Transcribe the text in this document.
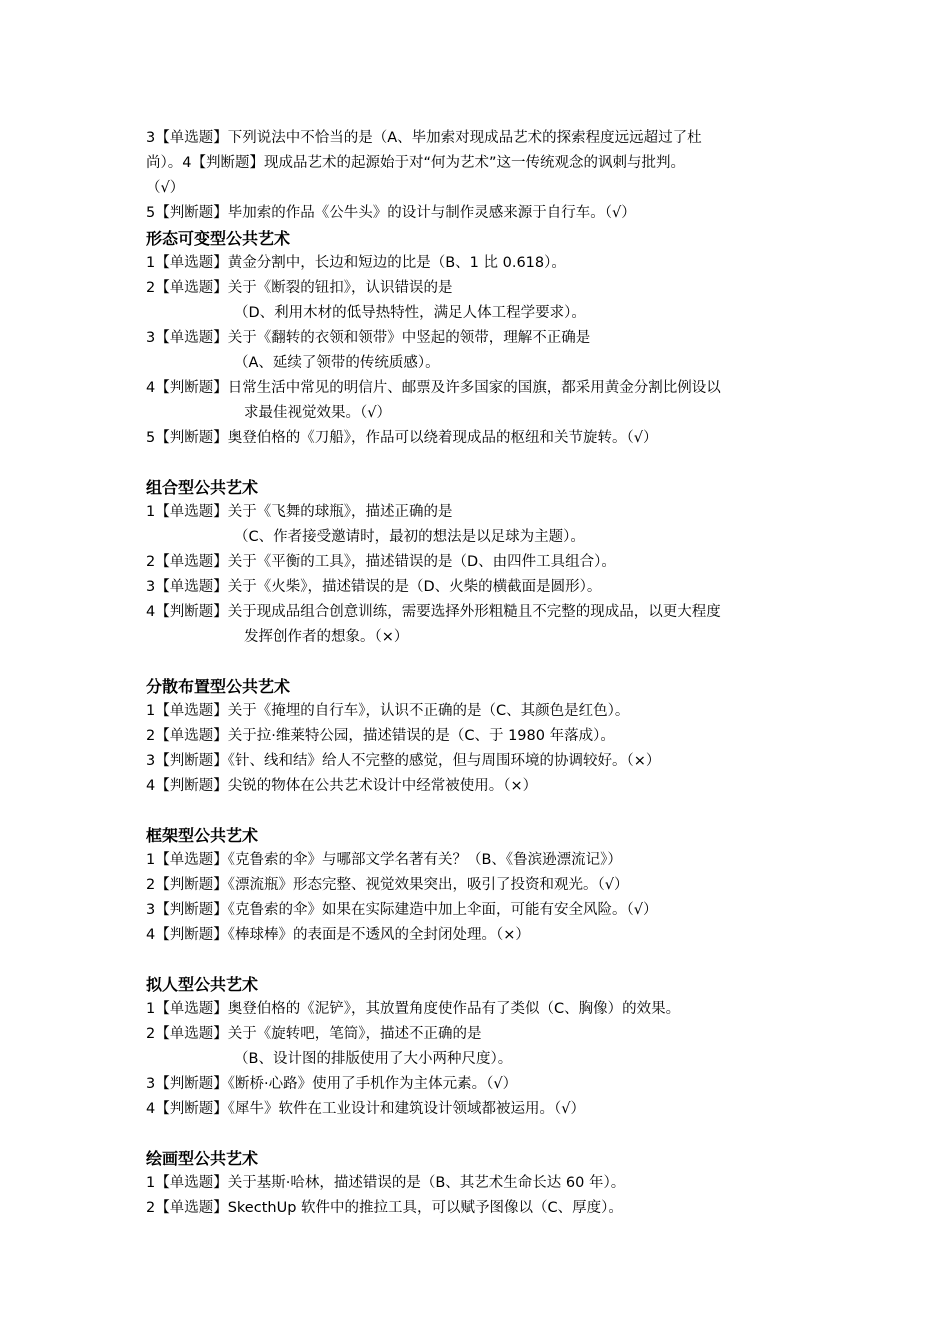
3【单选题】下列说法中不恰当的是（A、毕加索对现成品艺术的探索程度远远超过了杜

尚）。4【判断题】现成品艺术的起源始于对“何为艺术”这一传统观念的讽刺与批判。

（√）

5【判断题】毕加索的作品《公牛头》的设计与制作灵感来源于自行车。（√）

形态可变型公共艺术

1【单选题】黄金分割中，长边和短边的比是（B、1 比 0.618）。

2【单选题】关于《断裂的钮扣》，认识错误的是

（D、利用木材的低导热特性，满足人体工程学要求）。

3【单选题】关于《翻转的衣领和领带》中竖起的领带，理解不正确是

（A、延续了领带的传统质感）。

4【判断题】日常生活中常见的明信片、邮票及许多国家的国旗，都采用黄金分割比例设以

求最佳视觉效果。（√）

5【判断题】奥登伯格的《刀船》，作品可以绕着现成品的枢纽和关节旋转。（√）

组合型公共艺术

1【单选题】关于《飞舞的球瓶》，描述正确的是

（C、作者接受邀请时，最初的想法是以足球为主题）。

2【单选题】关于《平衡的工具》，描述错误的是（D、由四件工具组合）。

3【单选题】关于《火柴》，描述错误的是（D、火柴的横截面是圆形）。

4【判断题】关于现成品组合创意训练，需要选择外形粗糙且不完整的现成品，以更大程度

发挥创作者的想象。（×）

分散布置型公共艺术

1【单选题】关于《掩埋的自行车》，认识不正确的是（C、其颜色是红色）。

2【单选题】关于拉·维莱特公园，描述错误的是（C、于 1980 年落成）。

3【判断题】《针、线和结》给人不完整的感觉，但与周围环境的协调较好。（×）

4【判断题】尖锐的物体在公共艺术设计中经常被使用。（×）

框架型公共艺术

1【单选题】《克鲁索的伞》与哪部文学名著有关？（B、《鲁滨逊漂流记》）

2【判断题】《漂流瓶》形态完整、视觉效果突出，吸引了投资和观光。（√）

3【判断题】《克鲁索的伞》如果在实际建造中加上伞面，可能有安全风险。（√）

4【判断题】《棒球棒》的表面是不透风的全封闭处理。（×）

拟人型公共艺术

1【单选题】奥登伯格的《泥铲》，其放置角度使作品有了类似（C、胸像）的效果。

2【单选题】关于《旋转吧，笔筒》，描述不正确的是

（B、设计图的排版使用了大小两种尺度）。

3【判断题】《断桥·心路》使用了手机作为主体元素。（√）

4【判断题】《犀牛》软件在工业设计和建筑设计领域都被运用。（√）

绘画型公共艺术

1【单选题】关于基斯·哈林，描述错误的是（B、其艺术生命长达 60 年）。

2【单选题】SkecthUp 软件中的推拉工具，可以赋予图像以（C、厚度）。
